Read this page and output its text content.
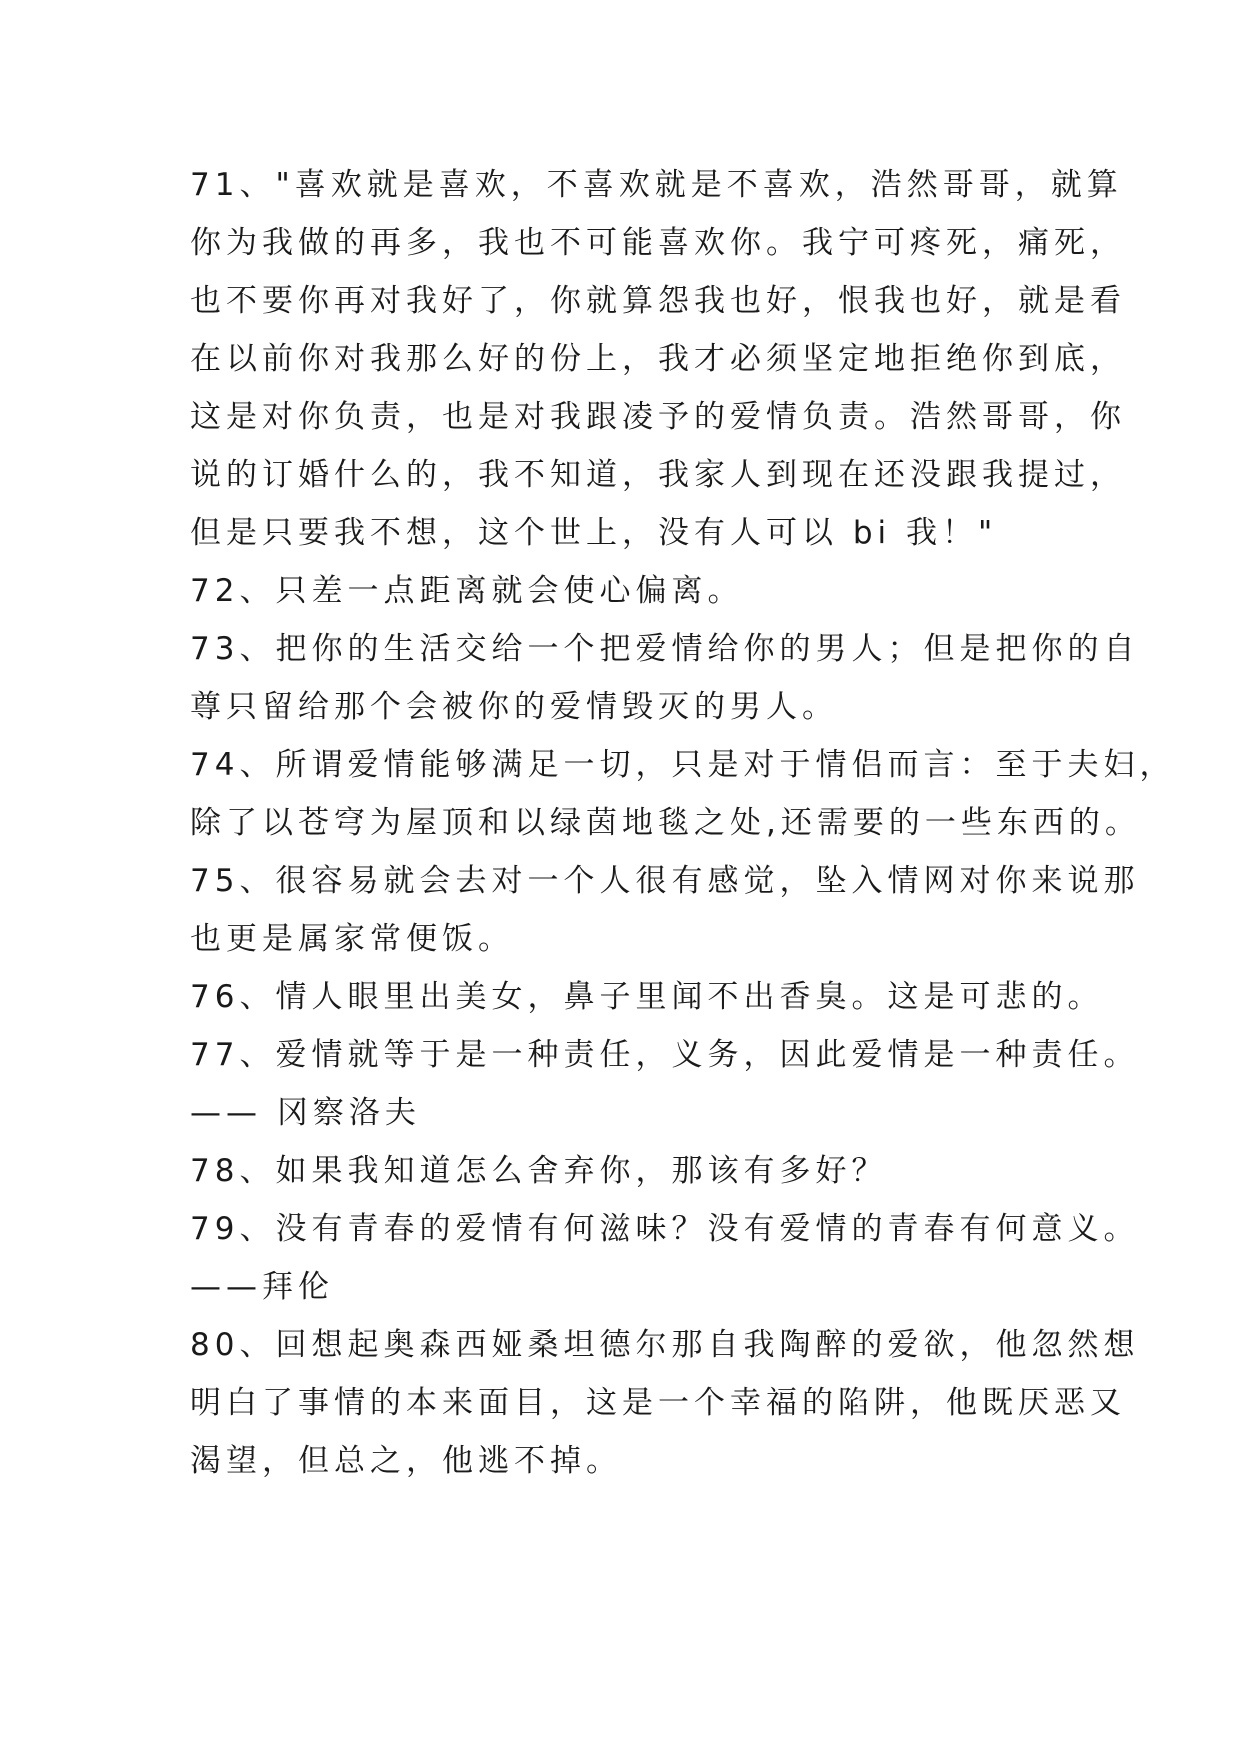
71、"喜欢就是喜欢，不喜欢就是不喜欢，浩然哥哥，就算
你为我做的再多，我也不可能喜欢你。我宁可疼死，痛死，
也不要你再对我好了，你就算怨我也好，恨我也好，就是看
在以前你对我那么好的份上，我才必须坚定地拒绝你到底，
这是对你负责，也是对我跟凌予的爱情负责。浩然哥哥，你
说的订婚什么的，我不知道，我家人到现在还没跟我提过，
但是只要我不想，这个世上，没有人可以 bi 我！"
72、只差一点距离就会使心偏离。
73、把你的生活交给一个把爱情给你的男人；但是把你的自
尊只留给那个会被你的爱情毁灭的男人。
74、所谓爱情能够满足一切，只是对于情侣而言：至于夫妇，
除了以苍穹为屋顶和以绿茵地毯之处,还需要的一些东西的。
75、很容易就会去对一个人很有感觉，坠入情网对你来说那
也更是属家常便饭。
76、情人眼里出美女，鼻子里闻不出香臭。这是可悲的。
77、爱情就等于是一种责任，义务，因此爱情是一种责任。
—— 冈察洛夫
78、如果我知道怎么舍弃你，那该有多好？
79、没有青春的爱情有何滋味？没有爱情的青春有何意义。
——拜伦
80、回想起奥森西娅桑坦德尔那自我陶醉的爱欲，他忽然想
明白了事情的本来面目，这是一个幸福的陷阱，他既厌恶又
渴望，但总之，他逃不掉。
